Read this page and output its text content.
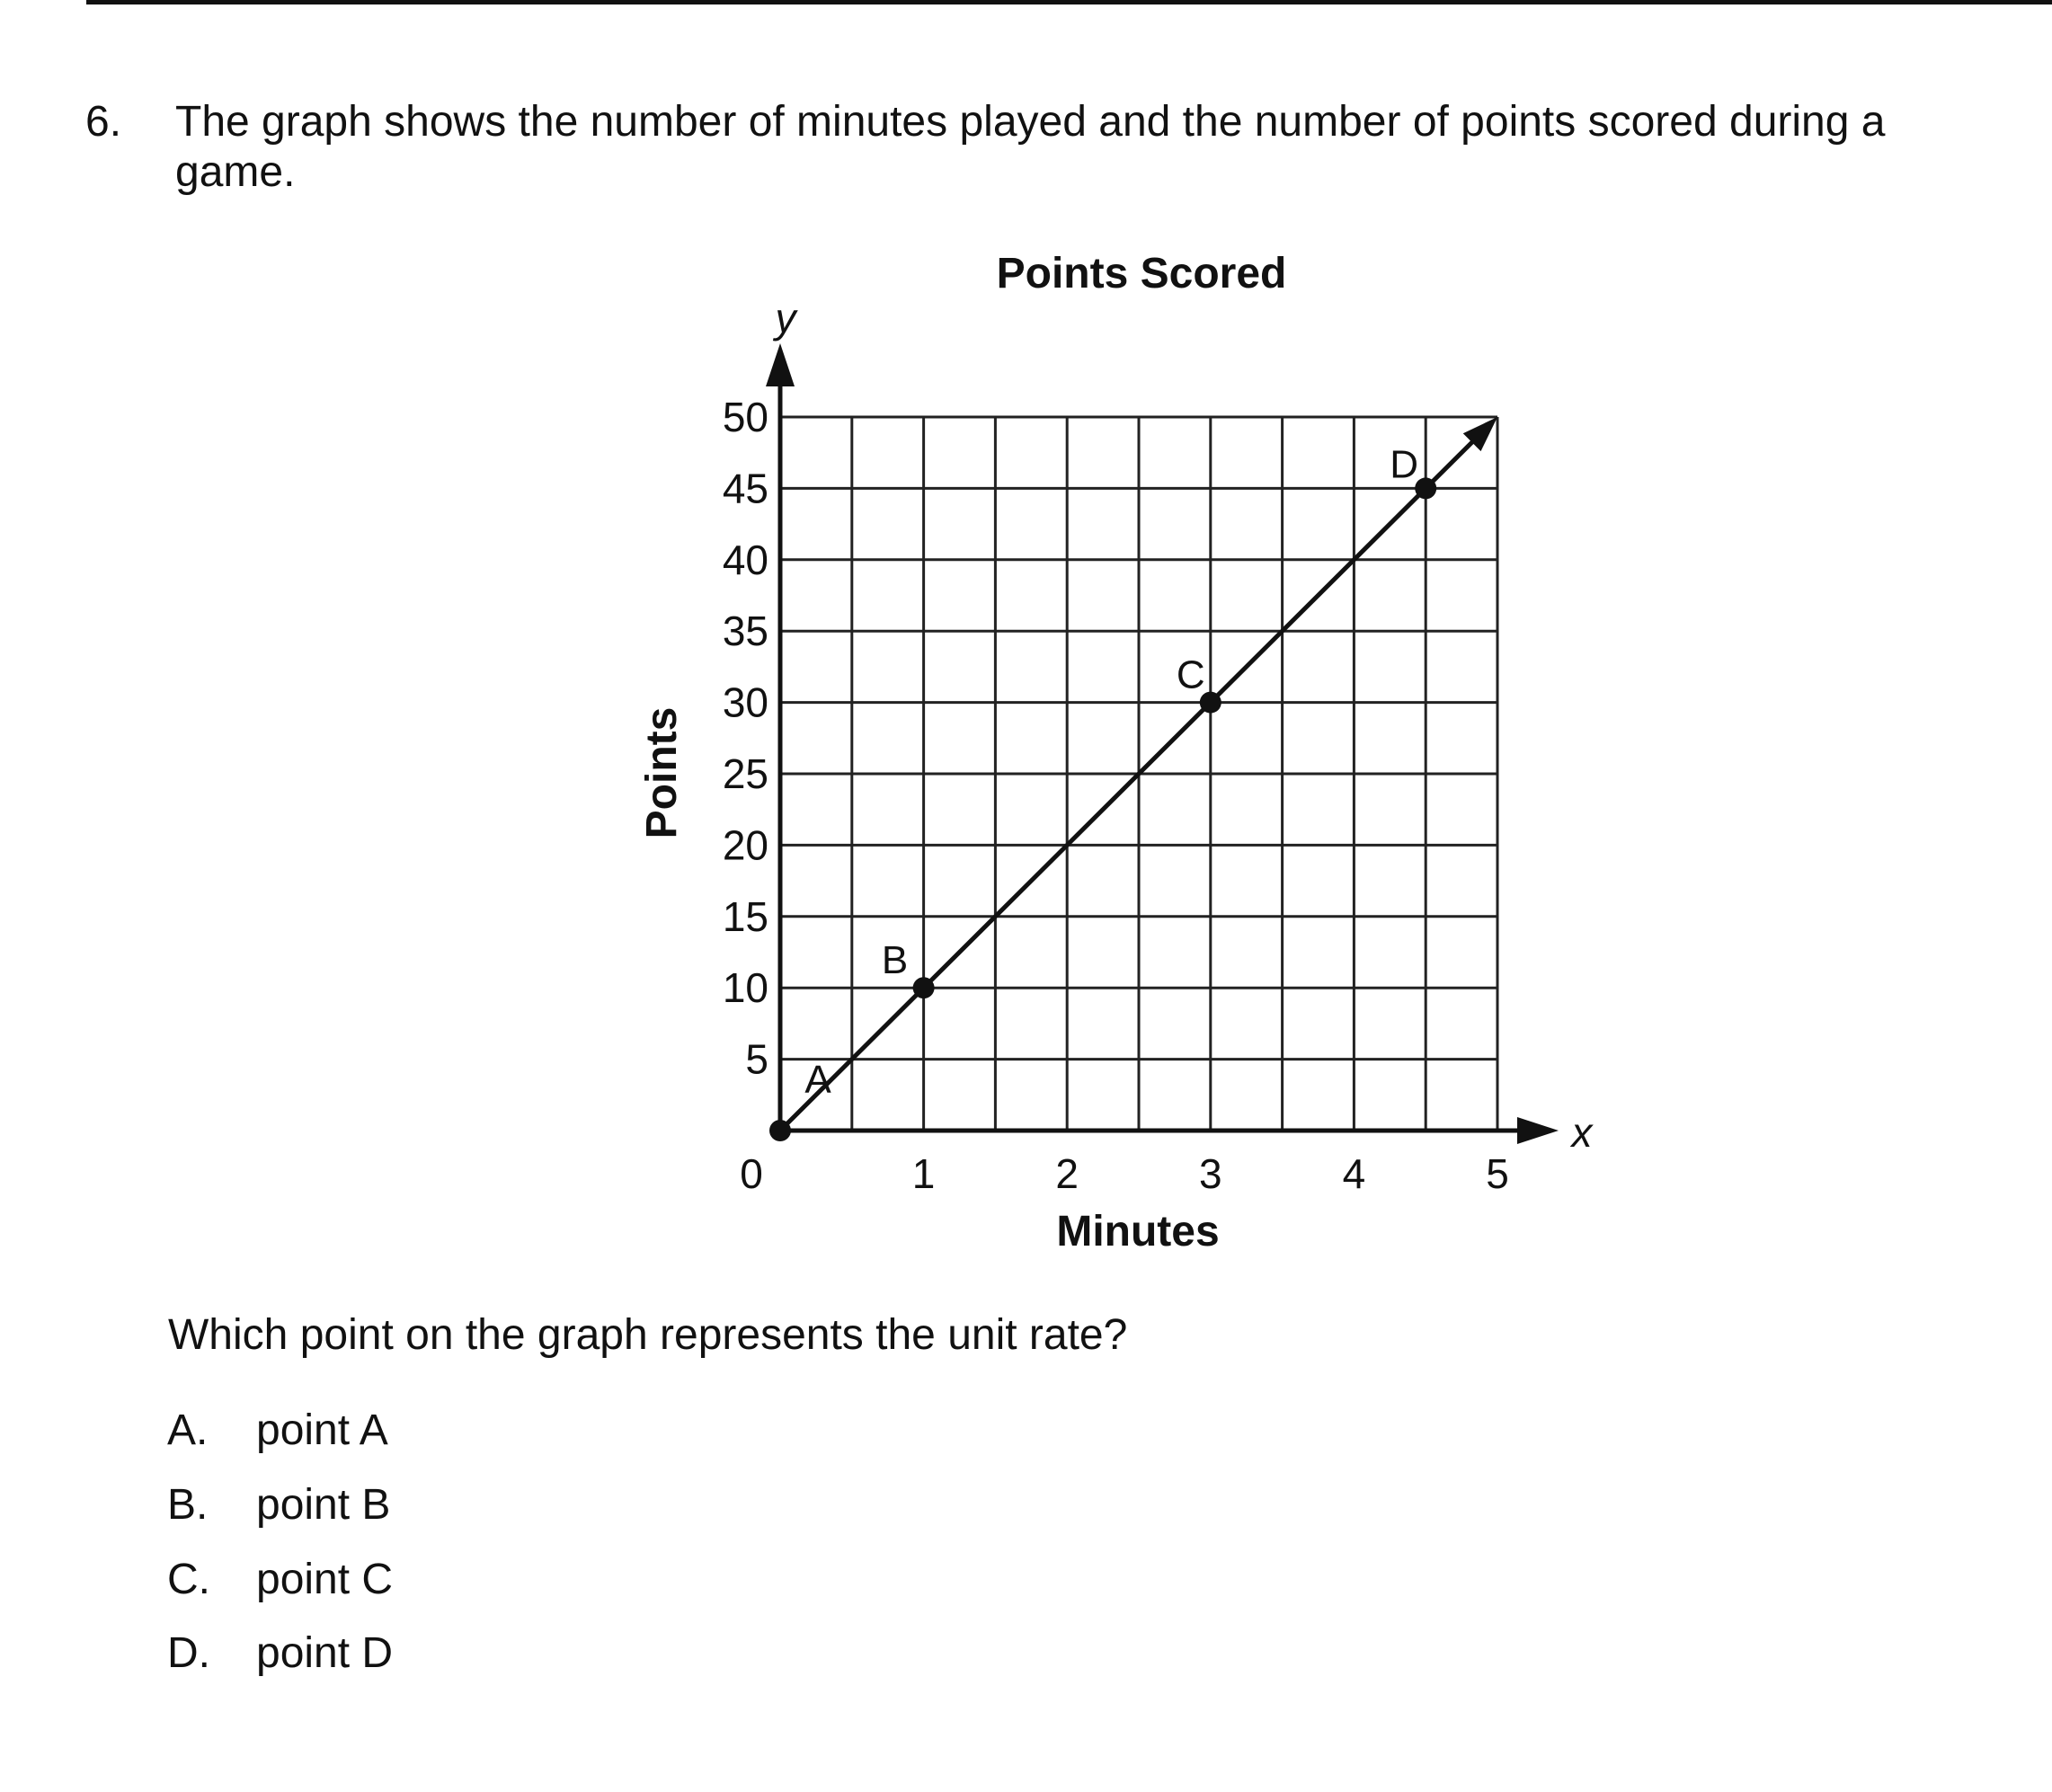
6. The graph shows the number of minutes played and the number of points scored during a game.
Points Scored
y
x
0	1	2	3	4	5
5
10
15
20
25
30
35
40
45
50
A
B
C
D
Minutes
Points
Which point on the graph represents the unit rate?
A. point A
B. point B
C. point C
D. point D
